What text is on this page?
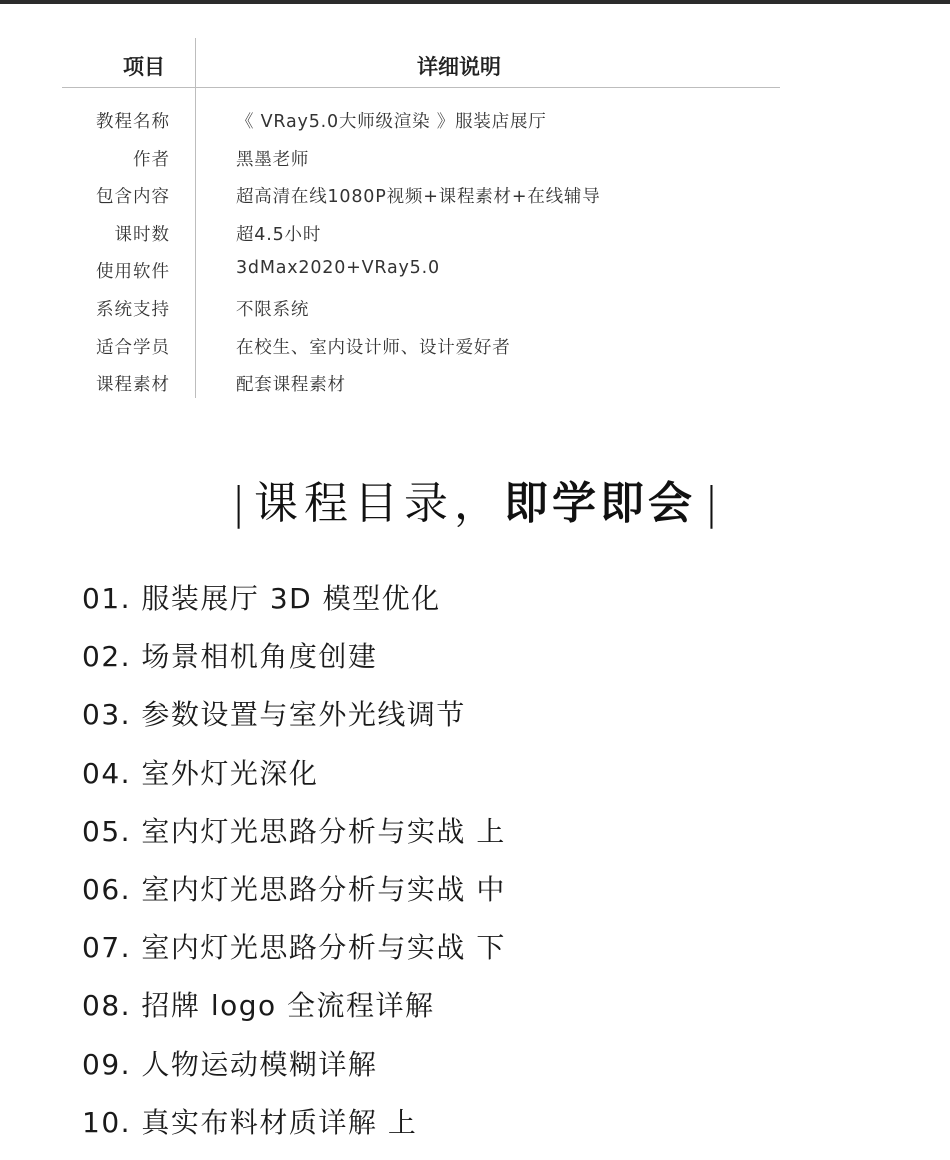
项目	详细说明
教程名称	《 VRay5.0大师级渲染 》服装店展厅
作者	黑墨老师
包含内容	超高清在线1080P视频+课程素材+在线辅导
课时数	超4.5小时
使用软件	3dMax2020+VRay5.0
系统支持	不限系统
适合学员	在校生、室内设计师、设计爱好者
课程素材	配套课程素材
| 课程目录，即学即会 |
01. 服装展厅 3D 模型优化
02. 场景相机角度创建
03. 参数设置与室外光线调节
04. 室外灯光深化
05. 室内灯光思路分析与实战 上
06. 室内灯光思路分析与实战 中
07. 室内灯光思路分析与实战 下
08. 招牌 logo 全流程详解
09. 人物运动模糊详解
10. 真实布料材质详解 上
